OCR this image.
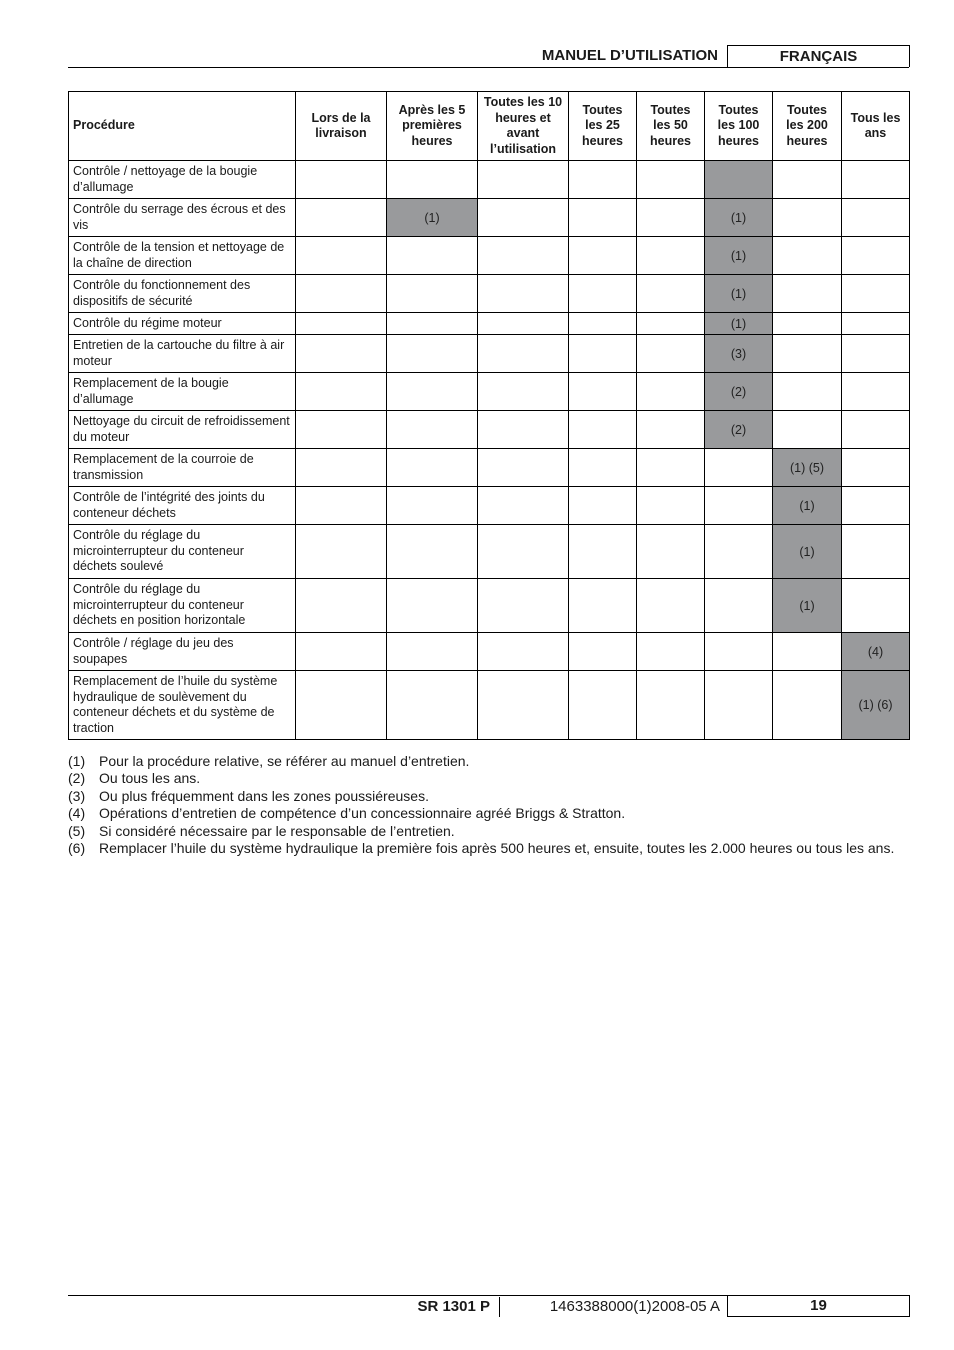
MANUEL D’UTILISATION	FRANÇAIS
Procédure	Lors de la livraison	Après les 5 premières heures	Toutes les 10 heures et avant l’utilisation	Toutes les 25 heures	Toutes les 50 heures	Toutes les 100 heures	Toutes les 200 heures	Tous les ans
Contrôle / nettoyage de la bougie d’allumage								
Contrôle du serrage des écrous et des vis		(1)				(1)		
Contrôle de la tension et nettoyage de la chaîne de direction						(1)		
Contrôle du fonctionnement des dispositifs de sécurité						(1)		
Contrôle du régime moteur						(1)		
Entretien de la cartouche du filtre à air moteur						(3)		
Remplacement de la bougie d’allumage						(2)		
Nettoyage du circuit de refroidissement du moteur						(2)		
Remplacement de la courroie de transmission							(1) (5)	
Contrôle de l’intégrité des joints du conteneur déchets							(1)	
Contrôle du réglage du microinterrupteur du conteneur déchets soulevé							(1)	
Contrôle du réglage du microinterrupteur du conteneur déchets en position horizontale							(1)	
Contrôle / réglage du jeu des soupapes								(4)
Remplacement de l’huile du système hydraulique de soulèvement du conteneur déchets et du système de traction								(1) (6)
(1) Pour la procédure relative, se référer au manuel d’entretien.
(2) Ou tous les ans.
(3) Ou plus fréquemment dans les zones poussiéreuses.
(4) Opérations d’entretien de compétence d’un concessionnaire agréé Briggs & Stratton.
(5) Si considéré nécessaire par le responsable de l’entretien.
(6) Remplacer l’huile du système hydraulique la première fois après 500 heures et, ensuite, toutes les 2.000 heures ou tous les ans.
SR 1301 P	1463388000(1)2008-05 A	19
